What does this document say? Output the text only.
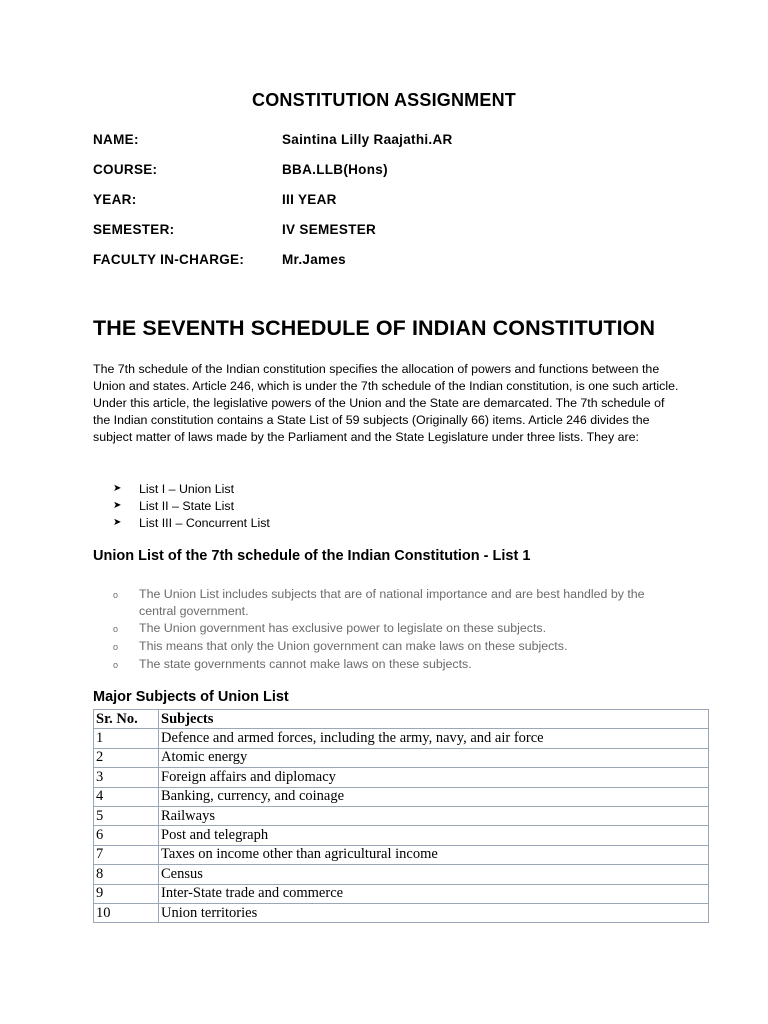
CONSTITUTION ASSIGNMENT
NAME:	Saintina Lilly Raajathi.AR
COURSE:	BBA.LLB(Hons)
YEAR:	III YEAR
SEMESTER:	IV SEMESTER
FACULTY IN-CHARGE:	Mr.James
THE SEVENTH SCHEDULE OF INDIAN CONSTITUTION
The 7th schedule of the Indian constitution specifies the allocation of powers and functions between the Union and states. Article 246, which is under the 7th schedule of the Indian constitution, is one such article. Under this article, the legislative powers of the Union and the State are demarcated. The 7th schedule of the Indian constitution contains a State List of 59 subjects (Originally 66) items. Article 246 divides the subject matter of laws made by the Parliament and the State Legislature under three lists. They are:
➤	List I – Union List
➤	List II – State List
➤	List III – Concurrent List
Union List of the 7th schedule of the Indian Constitution - List 1
o	The Union List includes subjects that are of national importance and are best handled by the central government.
o	The Union government has exclusive power to legislate on these subjects.
o	This means that only the Union government can make laws on these subjects.
o	The state governments cannot make laws on these subjects.
Major Subjects of Union List
Sr. No.	Subjects
1	Defence and armed forces, including the army, navy, and air force
2	Atomic energy
3	Foreign affairs and diplomacy
4	Banking, currency, and coinage
5	Railways
6	Post and telegraph
7	Taxes on income other than agricultural income
8	Census
9	Inter-State trade and commerce
10	Union territories
